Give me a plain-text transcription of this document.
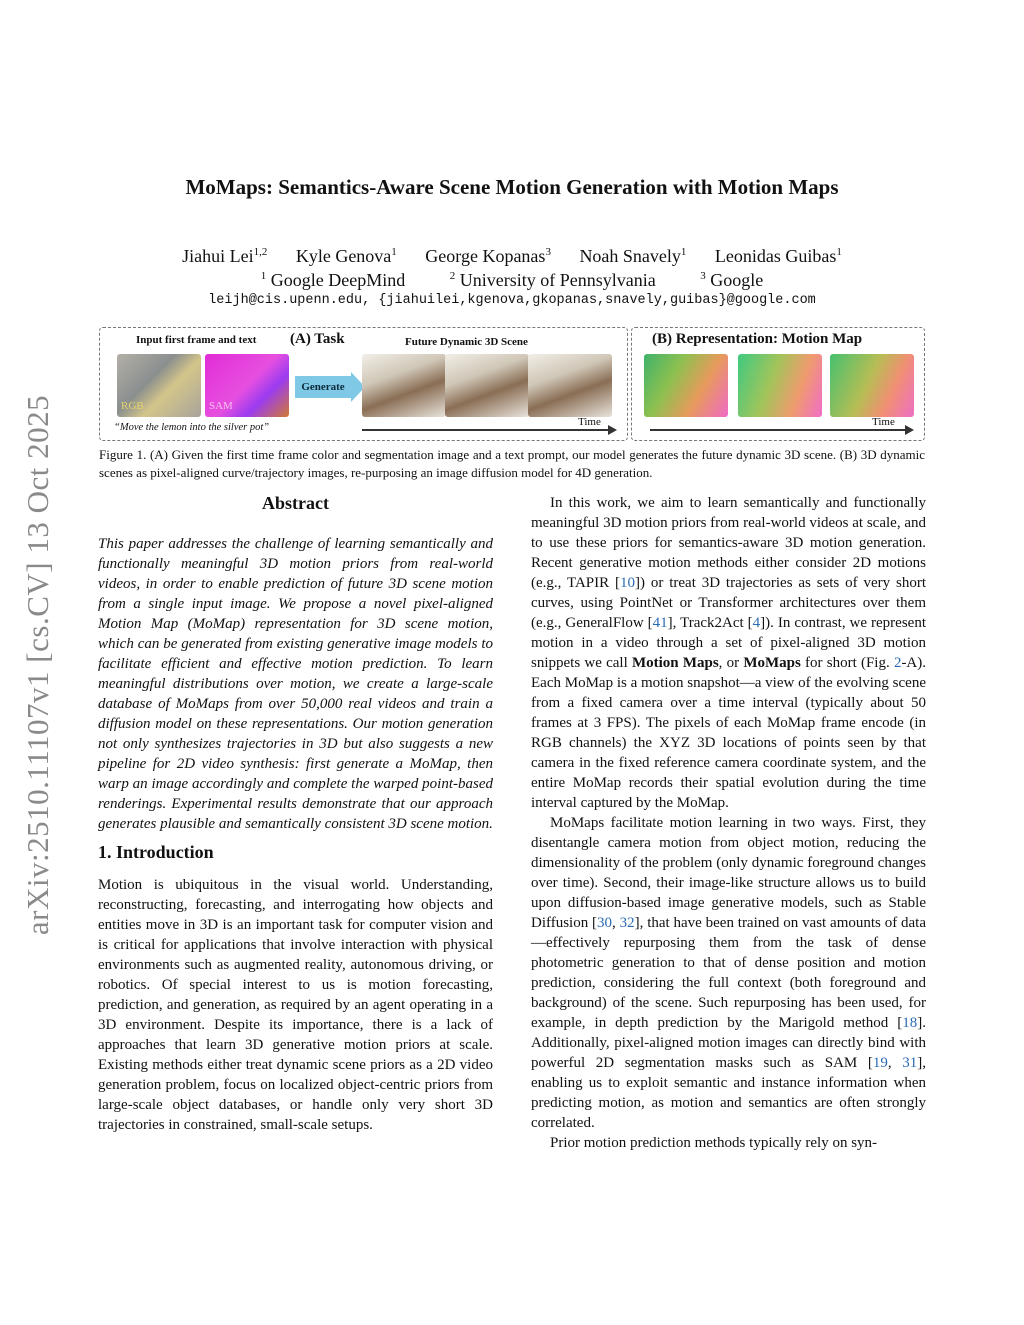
arXiv:2510.11107v1 [cs.CV] 13 Oct 2025
MoMaps: Semantics-Aware Scene Motion Generation with Motion Maps
Jiahui Lei$^{1,2}$ Kyle Genova$^1$ George Kopanas$^3$ Noah Snavely$^1$ Leonidas Guibas$^1$
$^1$ Google DeepMind	$^2$ University of Pennsylvania	$^3$ Google
leijh@cis.upenn.edu, {jiahuilei,kgenova,gkopanas,snavely,guibas}@google.com
Input first frame and text (A) Task	Future Dynamic 3D Scene
RGB	SAM
Generate
“Move the lemon into the silver pot”	Time
(B) Representation: Motion Map
Time
Figure 1. (A) Given the first time frame color and segmentation image and a text prompt, our model generates the future dynamic 3D scene. (B) 3D dynamic scenes as pixel-aligned curve/trajectory images, re-purposing an image diffusion model for 4D generation.

Abstract

This paper addresses the challenge of learning semantically and functionally meaningful 3D motion priors from real-world videos, in order to enable prediction of future 3D scene motion from a single input image. We propose a novel pixel-aligned Motion Map (MoMap) representation for 3D scene motion, which can be generated from existing generative image models to facilitate efficient and effective motion prediction. To learn meaningful distributions over motion, we create a large-scale database of MoMaps from over 50,000 real videos and train a diffusion model on these representations. Our motion generation not only synthesizes trajectories in 3D but also suggests a new pipeline for 2D video synthesis: first generate a MoMap, then warp an image accordingly and complete the warped point-based renderings. Experimental results demonstrate that our approach generates plausible and semantically consistent 3D scene motion.

1. Introduction

Motion is ubiquitous in the visual world. Understanding, reconstructing, forecasting, and interrogating how objects and entities move in 3D is an important task for computer vision and is critical for applications that involve interaction with physical environments such as augmented reality, autonomous driving, or robotics. Of special interest to us is motion forecasting, prediction, and generation, as required by an agent operating in a 3D environment. Despite its importance, there is a lack of approaches that learn 3D generative motion priors at scale. Existing methods either treat dynamic scene priors as a 2D video generation problem, focus on localized object-centric priors from large-scale object databases, or handle only very short 3D trajectories in constrained, small-scale setups.

In this work, we aim to learn semantically and functionally meaningful 3D motion priors from real-world videos at scale, and to use these priors for semantics-aware 3D motion generation. Recent generative motion methods either consider 2D motions (e.g., TAPIR [10]) or treat 3D trajectories as sets of very short curves, using PointNet or Transformer architectures over them (e.g., GeneralFlow [41], Track2Act [4]). In contrast, we represent motion in a video through a set of pixel-aligned 3D motion snippets we call Motion Maps, or MoMaps for short (Fig. 2-A). Each MoMap is a motion snapshot—a view of the evolving scene from a fixed camera over a time interval (typically about 50 frames at 3 FPS). The pixels of each MoMap frame encode (in RGB channels) the XYZ 3D locations of points seen by that camera in the fixed reference camera coordinate system, and the entire MoMap records their spatial evolution during the time interval captured by the MoMap.

MoMaps facilitate motion learning in two ways. First, they disentangle camera motion from object motion, reducing the dimensionality of the problem (only dynamic foreground changes over time). Second, their image-like structure allows us to build upon diffusion-based image generative models, such as Stable Diffusion [30, 32], that have been trained on vast amounts of data—effectively repurposing them from the task of dense photometric generation to that of dense position and motion prediction, considering the full context (both foreground and background) of the scene. Such repurposing has been used, for example, in depth prediction by the Marigold method [18]. Additionally, pixel-aligned motion images can directly bind with powerful 2D segmentation masks such as SAM [19, 31], enabling us to exploit semantic and instance information when predicting motion, as motion and semantics are often strongly correlated.

Prior motion prediction methods typically rely on syn-
